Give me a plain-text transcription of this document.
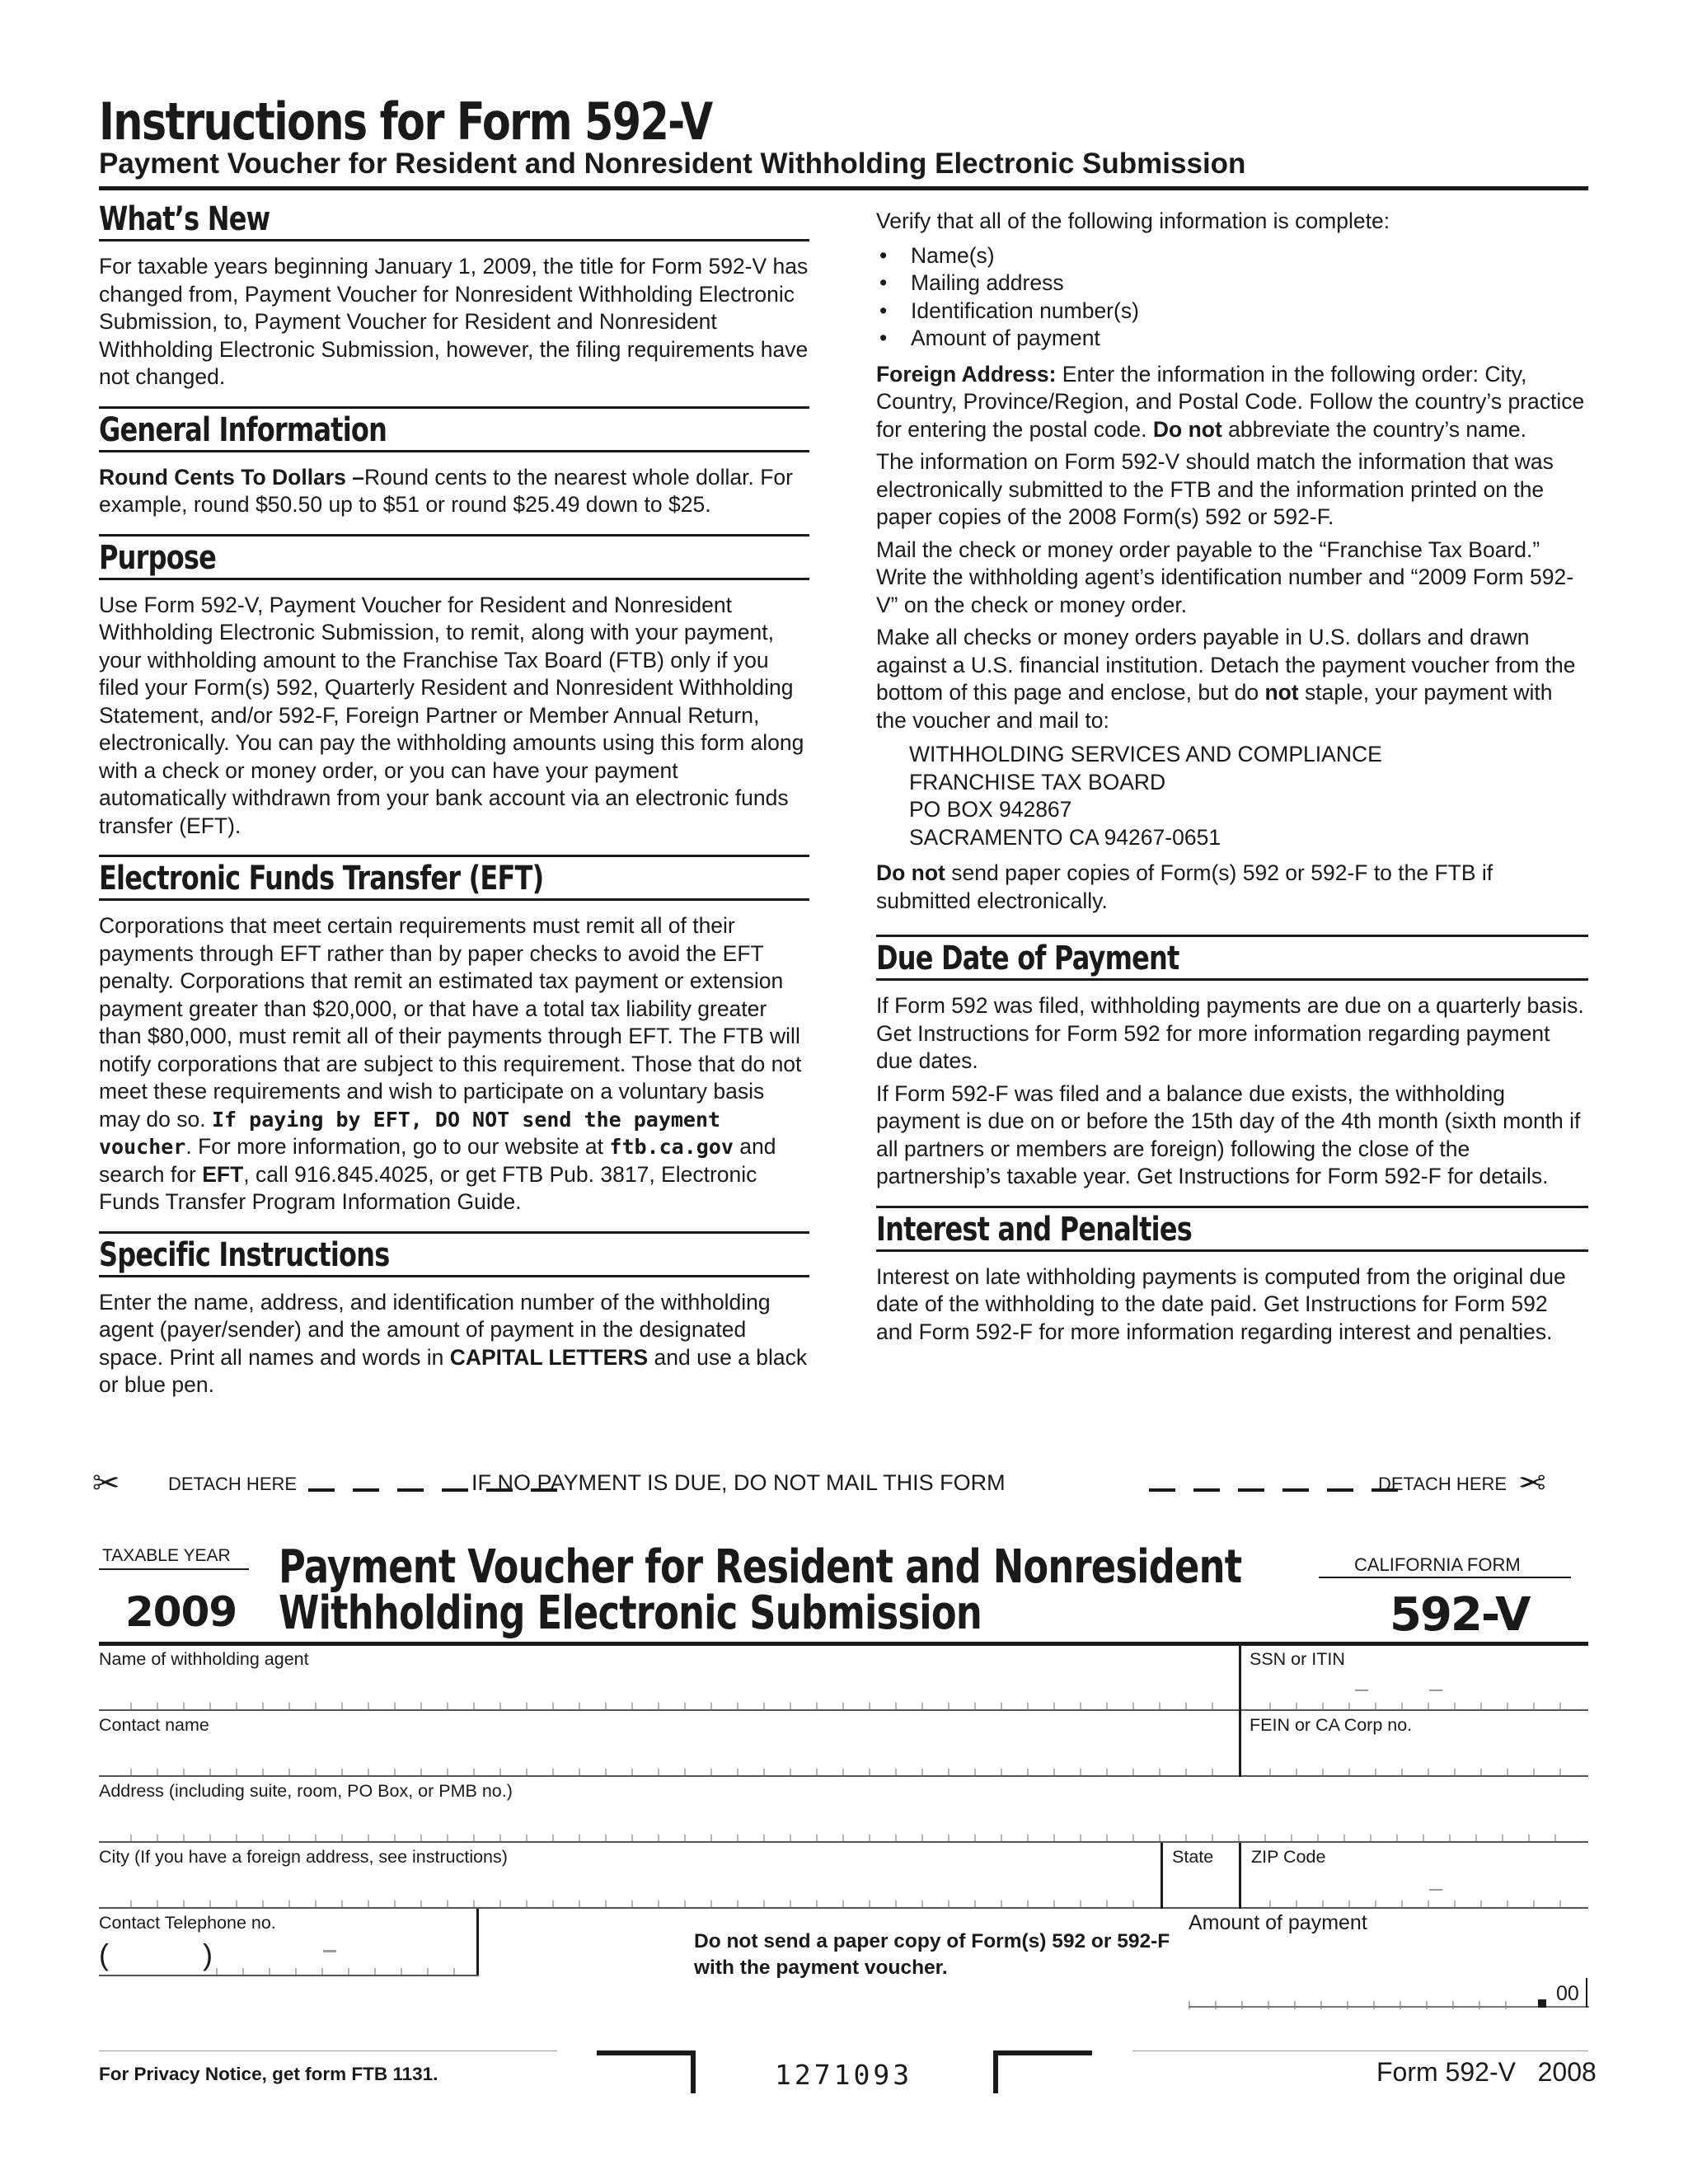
Instructions for Form 592-V
Payment Voucher for Resident and Nonresident Withholding Electronic Submission
What’s New

For taxable years beginning January 1, 2009, the title for Form 592-V has changed from, Payment Voucher for Nonresident Withholding Electronic Submission, to, Payment Voucher for Resident and Nonresident Withholding Electronic Submission, however, the filing requirements have not changed.

General Information

Round Cents To Dollars –Round cents to the nearest whole dollar. For example, round $50.50 up to $51 or round $25.49 down to $25.

Purpose

Use Form 592-V, Payment Voucher for Resident and Nonresident Withholding Electronic Submission, to remit, along with your payment, your withholding amount to the Franchise Tax Board (FTB) only if you filed your Form(s) 592, Quarterly Resident and Nonresident Withholding Statement, and/or 592-F, Foreign Partner or Member Annual Return, electronically. You can pay the withholding amounts using this form along with a check or money order, or you can have your payment automatically withdrawn from your bank account via an electronic funds transfer (EFT).

Electronic Funds Transfer (EFT)

Corporations that meet certain requirements must remit all of their payments through EFT rather than by paper checks to avoid the EFT penalty. Corporations that remit an estimated tax payment or extension payment greater than $20,000, or that have a total tax liability greater than $80,000, must remit all of their payments through EFT. The FTB will notify corporations that are subject to this requirement. Those that do not meet these requirements and wish to participate on a voluntary basis may do so. If paying by EFT, DO NOT send the payment voucher. For more information, go to our website at ftb.ca.gov and search for EFT, call 916.845.4025, or get FTB Pub. 3817, Electronic Funds Transfer Program Information Guide.

Specific Instructions

Enter the name, address, and identification number of the withholding agent (payer/sender) and the amount of payment in the designated space. Print all names and words in CAPITAL LETTERS and use a black or blue pen.

Verify that all of the following information is complete:

• Name(s)
• Mailing address
• Identification number(s)
• Amount of payment

Foreign Address: Enter the information in the following order: City, Country, Province/Region, and Postal Code. Follow the country’s practice for entering the postal code. Do not abbreviate the country’s name.

The information on Form 592-V should match the information that was electronically submitted to the FTB and the information printed on the paper copies of the 2008 Form(s) 592 or 592-F.

Mail the check or money order payable to the “Franchise Tax Board.” Write the withholding agent’s identification number and “2009 Form 592-V” on the check or money order.

Make all checks or money orders payable in U.S. dollars and drawn against a U.S. financial institution. Detach the payment voucher from the bottom of this page and enclose, but do not staple, your payment with the voucher and mail to:

WITHHOLDING SERVICES AND COMPLIANCE
FRANCHISE TAX BOARD
PO BOX 942867
SACRAMENTO CA 94267-0651

Do not send paper copies of Form(s) 592 or 592-F to the FTB if submitted electronically.

Due Date of Payment

If Form 592 was filed, withholding payments are due on a quarterly basis. Get Instructions for Form 592 for more information regarding payment due dates.

If Form 592-F was filed and a balance due exists, the withholding payment is due on or before the 15th day of the 4th month (sixth month if all partners or members are foreign) following the close of the partnership’s taxable year. Get Instructions for Form 592-F for details.

Interest and Penalties

Interest on late withholding payments is computed from the original due date of the withholding to the date paid. Get Instructions for Form 592 and Form 592-F for more information regarding interest and penalties.

✂	DETACH HERE	DETACH HERE ✂
IF NO PAYMENT IS DUE, DO NOT MAIL THIS FORM
TAXABLE YEAR
2009
Payment Voucher for Resident and Nonresident
Withholding Electronic Submission
CALIFORNIA FORM
592-V
Name of withholding agent	SSN or ITIN
Contact name	FEIN or CA Corp no.
Address (including suite, room, PO Box, or PMB no.)
City (If you have a foreign address, see instructions)	State ZIP Code
Contact Telephone no.
(	)	Do not send a paper copy of Form(s) 592 or 592-F with the payment voucher.
Amount of payment
00
For Privacy Notice, get form FTB 1131.	1271093	Form 592-V   2008
